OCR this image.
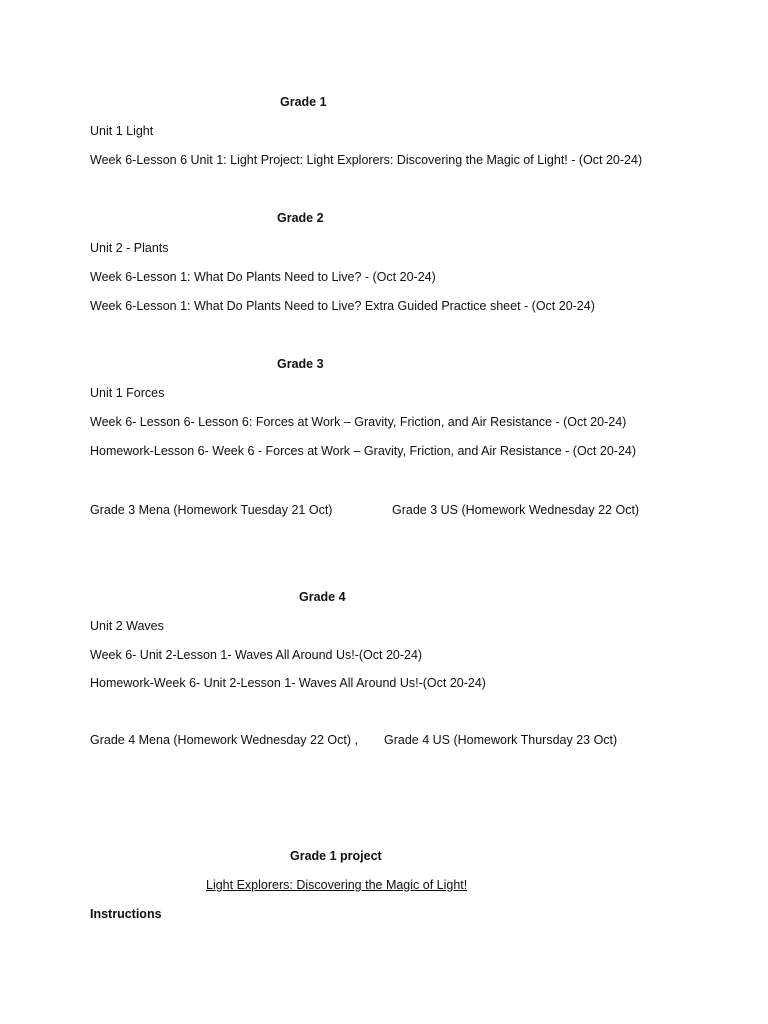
Grade 1
Unit 1 Light
Week 6-Lesson 6 Unit 1: Light Project: Light Explorers: Discovering the Magic of Light! - (Oct 20-24)
Grade 2
Unit 2 - Plants
Week 6-Lesson 1: What Do Plants Need to Live? - (Oct 20-24)
Week 6-Lesson 1: What Do Plants Need to Live? Extra Guided Practice sheet - (Oct 20-24)
Grade 3
Unit 1 Forces
Week 6- Lesson 6- Lesson 6: Forces at Work – Gravity, Friction, and Air Resistance - (Oct 20-24)
Homework-Lesson 6- Week 6 - Forces at Work – Gravity, Friction, and Air Resistance - (Oct 20-24)
Grade 3 Mena (Homework Tuesday 21 Oct)	Grade 3 US (Homework Wednesday 22 Oct)
Grade 4
Unit 2 Waves
Week 6- Unit 2-Lesson 1- Waves All Around Us!-(Oct 20-24)
Homework-Week 6- Unit 2-Lesson 1- Waves All Around Us!-(Oct 20-24)
Grade 4 Mena (Homework Wednesday 22 Oct) , Grade 4 US (Homework Thursday 23 Oct)
Grade 1 project
Light Explorers: Discovering the Magic of Light!
Instructions
